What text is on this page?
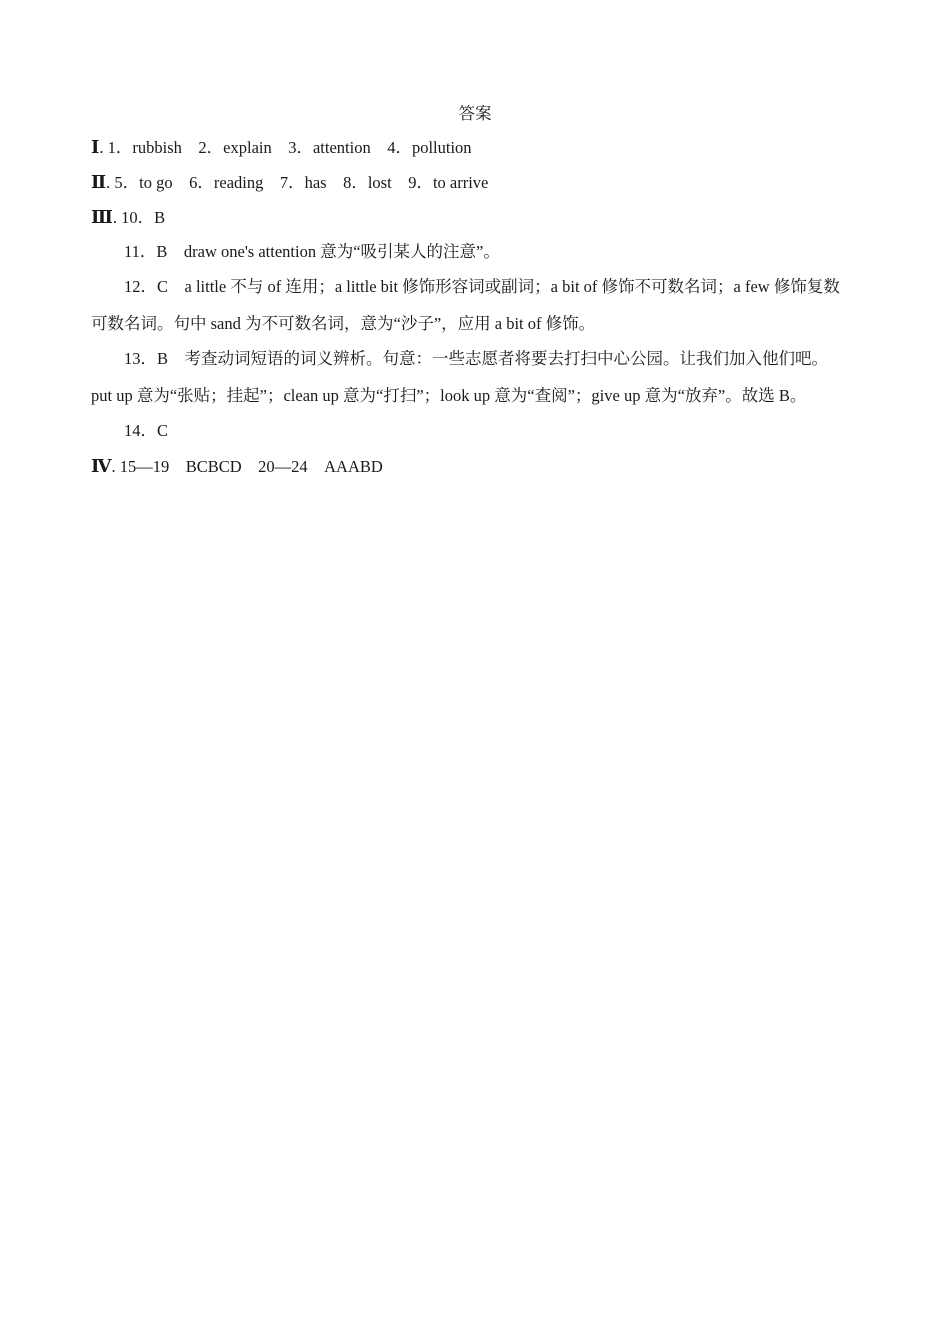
答案
Ⅰ. 1．rubbish　2．explain　3．attention　4．pollution
Ⅱ. 5．to go　6．reading　7．has　8．lost　9．to arrive
Ⅲ. 10．B
11．B　draw one's attention 意为“吸引某人的注意”。
12．C　a little 不与 of 连用；a little bit 修饰形容词或副词；a bit of 修饰不可数名词；a few 修饰复数
可数名词。句中 sand 为不可数名词，意为“沙子”，应用 a bit of 修饰。
13．B　考查动词短语的词义辨析。句意：一些志愿者将要去打扫中心公园。让我们加入他们吧。
put up 意为“张贴；挂起”；clean up 意为“打扫”；look up 意为“查阅”；give up 意为“放弃”。故选 B。
14．C
Ⅳ. 15—19　BCBCD　20—24　AAABD
